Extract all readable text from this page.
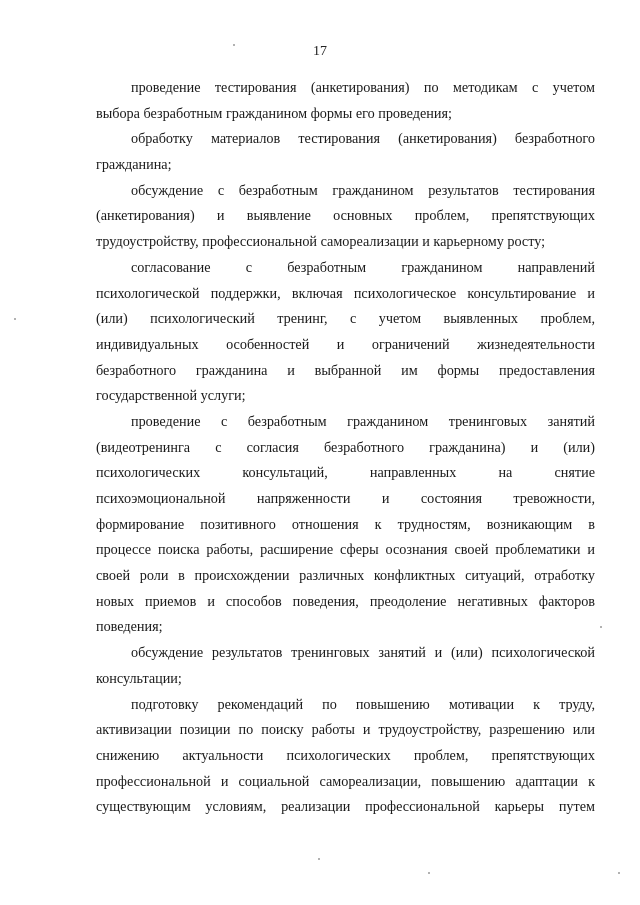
17
проведение тестирования (анкетирования) по методикам с учетом
выбора безработным гражданином формы его проведения;
обработку материалов тестирования (анкетирования) безработного
гражданина;
обсуждение с безработным гражданином результатов тестирования
(анкетирования) и выявление основных проблем, препятствующих
трудоустройству, профессиональной самореализации и карьерному росту;
согласование с безработным гражданином направлений
психологической поддержки, включая психологическое консультирование и
(или) психологический тренинг, с учетом выявленных проблем,
индивидуальных особенностей и ограничений жизнедеятельности
безработного гражданина и выбранной им формы предоставления
государственной услуги;
проведение с безработным гражданином тренинговых занятий
(видеотренинга с согласия безработного гражданина) и (или)
психологических консультаций, направленных на снятие
психоэмоциональной напряженности и состояния тревожности,
формирование позитивного отношения к трудностям, возникающим в
процессе поиска работы, расширение сферы осознания своей проблематики и
своей роли в происхождении различных конфликтных ситуаций, отработку
новых приемов и способов поведения, преодоление негативных факторов
поведения;
обсуждение результатов тренинговых занятий и (или) психологической
консультации;
подготовку рекомендаций по повышению мотивации к труду,
активизации позиции по поиску работы и трудоустройству, разрешению или
снижению актуальности психологических проблем, препятствующих
профессиональной и социальной самореализации, повышению адаптации к
существующим условиям, реализации профессиональной карьеры путем
